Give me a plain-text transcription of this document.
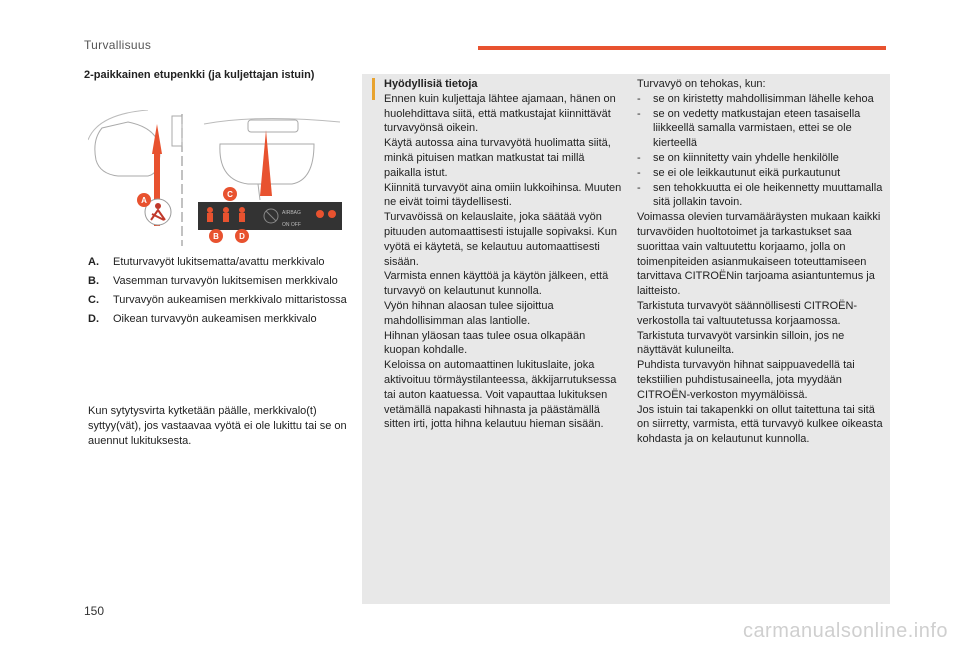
Turvallisuus
2-paikkainen etupenkki (ja kuljettajan istuin)
AIRBAG
ON OFF
A
B
C
D
A.	Etuturvavyöt lukitsematta/avattu merkkivalo
B.	Vasemman turvavyön lukitsemisen merkkivalo
C.	Turvavyön aukeamisen merkkivalo mittaristossa
D.	Oikean turvavyön aukeamisen merkkivalo
Kun sytytysvirta kytketään päälle, merkkivalo(t) syttyy(vät), jos vastaavaa vyötä ei ole lukittu tai se on auennut lukituksesta.

Hyödyllisiä tietoja

Ennen kuin kuljettaja lähtee ajamaan, hänen on huolehdittava siitä, että matkustajat kiinnittävät turvavyönsä oikein.

Käytä autossa aina turvavyötä huolimatta siitä, minkä pituisen matkan matkustat tai millä paikalla istut.

Kiinnitä turvavyöt aina omiin lukkoihinsa. Muuten ne eivät toimi täydellisesti.

Turvavöissä on kelauslaite, joka säätää vyön pituuden automaattisesti istujalle sopivaksi. Kun vyötä ei käytetä, se kelautuu automaattisesti sisään.

Varmista ennen käyttöä ja käytön jälkeen, että turvavyö on kelautunut kunnolla.

Vyön hihnan alaosan tulee sijoittua mahdollisimman alas lantiolle.

Hihnan yläosan taas tulee osua olkapään kuopan kohdalle.

Keloissa on automaattinen lukituslaite, joka aktivoituu törmäystilanteessa, äkkijarrutuksessa tai auton kaatuessa. Voit vapauttaa lukituksen vetämällä napakasti hihnasta ja päästämällä sitten irti, jotta hihna kelautuu hieman sisään.

Turvavyö on tehokas, kun:

-	se on kiristetty mahdollisimman lähelle kehoa
-	se on vedetty matkustajan eteen tasaisella liikkeellä samalla varmistaen, ettei se ole kierteellä
-	se on kiinnitetty vain yhdelle henkilölle
-	se ei ole leikkautunut eikä purkautunut
-	sen tehokkuutta ei ole heikennetty muuttamalla sitä jollakin tavoin.

Voimassa olevien turvamääräysten mukaan kaikki turvavöiden huoltotoimet ja tarkastukset saa suorittaa vain valtuutettu korjaamo, jolla on toimenpiteiden asianmukaiseen toteuttamiseen tarvittava CITROËNin tarjoama asiantuntemus ja laitteisto.

Tarkistuta turvavyöt säännöllisesti CITROËN-verkostolla tai valtuutetussa korjaamossa. Tarkistuta turvavyöt varsinkin silloin, jos ne näyttävät kuluneilta.

Puhdista turvavyön hihnat saippuavedellä tai tekstiilien puhdistusaineella, jota myydään CITROËN-verkoston myymälöissä.

Jos istuin tai takapenkki on ollut taitettuna tai sitä on siirretty, varmista, että turvavyö kulkee oikeasta kohdasta ja on kelautunut kunnolla.

150
carmanualsonline.info
